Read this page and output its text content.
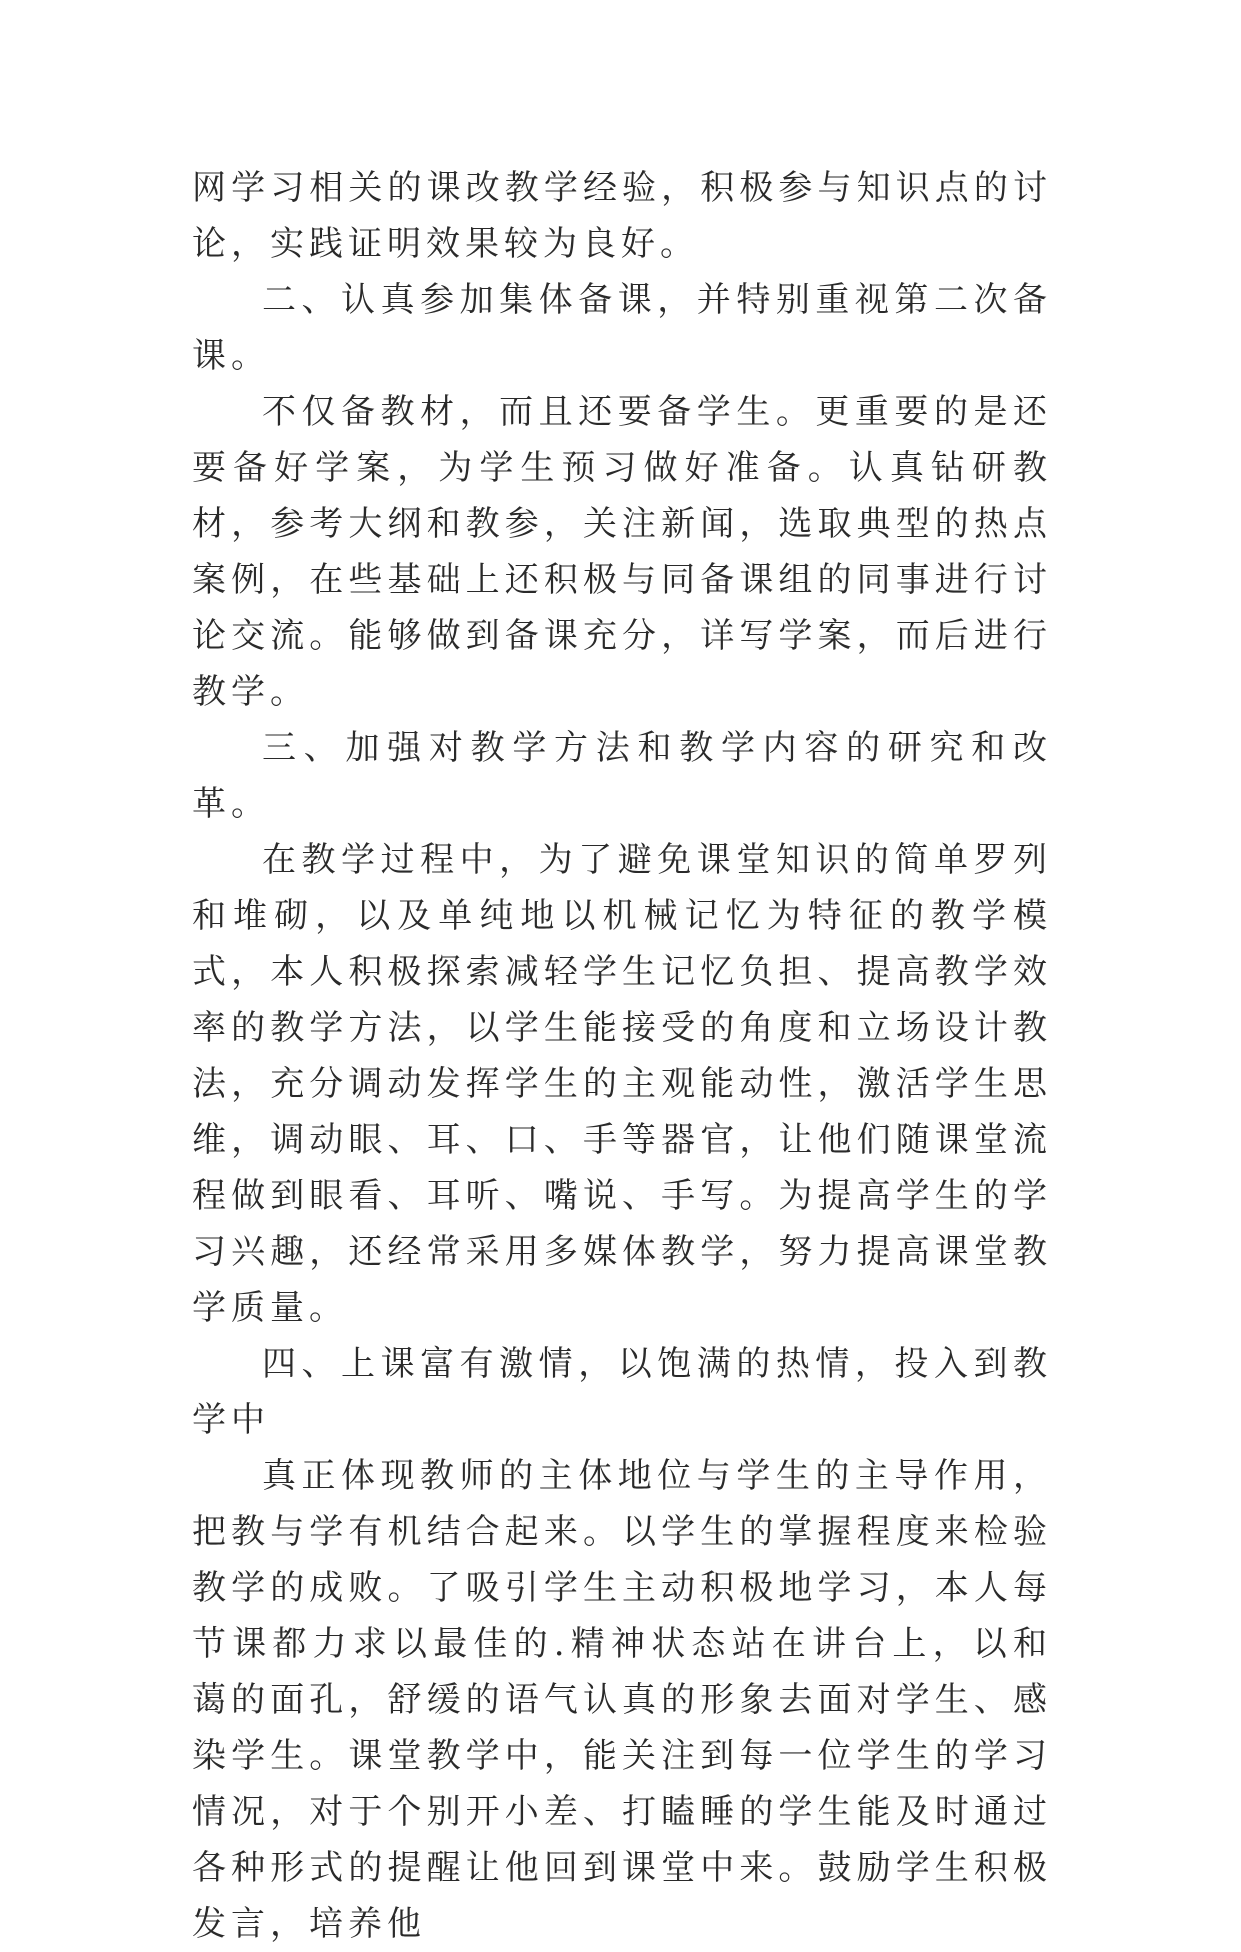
网学习相关的课改教学经验，积极参与知识点的讨论，实践证明效果较为良好。

二、认真参加集体备课，并特别重视第二次备课。

不仅备教材，而且还要备学生。更重要的是还要备好学案，为学生预习做好准备。认真钻研教材，参考大纲和教参，关注新闻，选取典型的热点案例，在些基础上还积极与同备课组的同事进行讨论交流。能够做到备课充分，详写学案，而后进行教学。

三、加强对教学方法和教学内容的研究和改革。

在教学过程中，为了避免课堂知识的简单罗列和堆砌，以及单纯地以机械记忆为特征的教学模式，本人积极探索减轻学生记忆负担、提高教学效率的教学方法，以学生能接受的角度和立场设计教法，充分调动发挥学生的主观能动性，激活学生思维，调动眼、耳、口、手等器官，让他们随课堂流程做到眼看、耳听、嘴说、手写。为提高学生的学习兴趣，还经常采用多媒体教学，努力提高课堂教学质量。

四、上课富有激情，以饱满的热情，投入到教学中

真正体现教师的主体地位与学生的主导作用，把教与学有机结合起来。以学生的掌握程度来检验教学的成败。了吸引学生主动积极地学习，本人每节课都力求以最佳的.精神状态站在讲台上，以和蔼的面孔，舒缓的语气认真的形象去面对学生、感染学生。课堂教学中，能关注到每一位学生的学习情况，对于个别开小差、打瞌睡的学生能及时通过各种形式的提醒让他回到课堂中来。鼓励学生积极发言，培养他
